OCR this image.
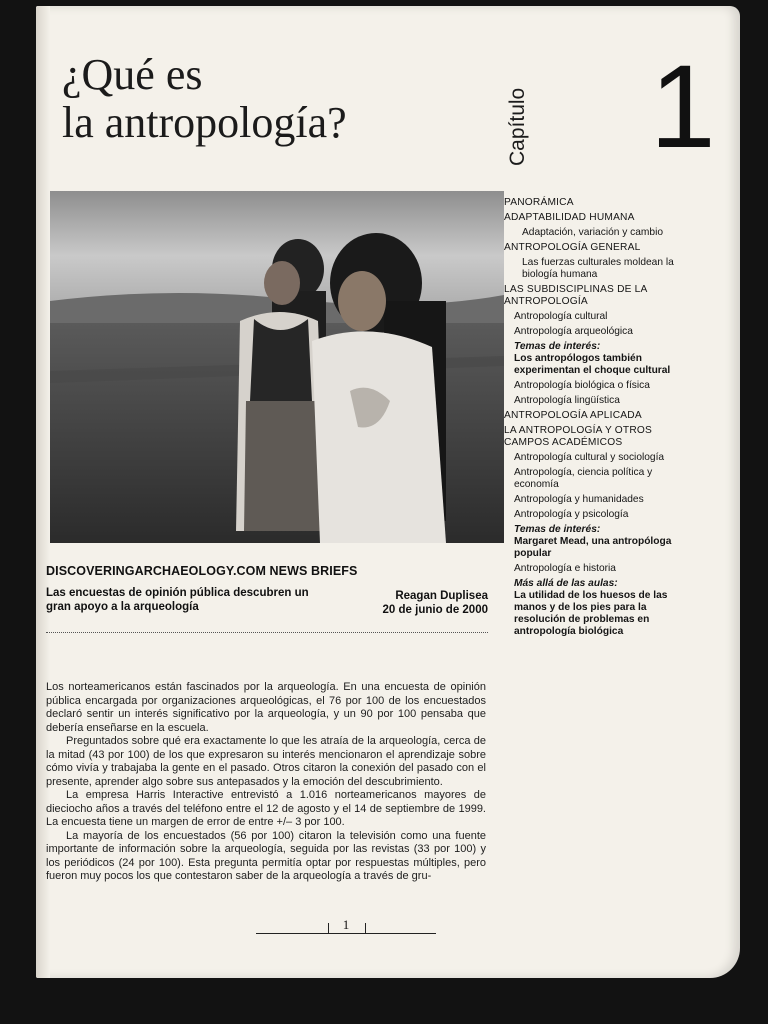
¿Qué es
la antropología?	Capítulo 1
DISCOVERINGARCHAEOLOGY.COM NEWS BRIEFS
Las encuestas de opinión pública descubren un gran apoyo a la arqueología
Reagan Duplisea
20 de junio de 2000

Los norteamericanos están fascinados por la arqueología. En una encuesta de opinión pública encargada por organizaciones arqueológicas, el 76 por 100 de los encuestados declaró sentir un interés significativo por la arqueología, y un 90 por 100 pensaba que debería enseñarse en la escuela.

Preguntados sobre qué era exactamente lo que les atraía de la arqueología, cerca de la mitad (43 por 100) de los que expresaron su interés mencionaron el aprendizaje sobre cómo vivía y trabajaba la gente en el pasado. Otros citaron la conexión del pasado con el presente, aprender algo sobre sus antepasados y la emoción del descubrimiento.

La empresa Harris Interactive entrevistó a 1.016 norteamericanos mayores de dieciocho años a través del teléfono entre el 12 de agosto y el 14 de septiembre de 1999. La encuesta tiene un margen de error de entre +/– 3 por 100.

La mayoría de los encuestados (56 por 100) citaron la televisión como una fuente importante de información sobre la arqueología, seguida por las revistas (33 por 100) y los periódicos (24 por 100). Esta pregunta permitía optar por respuestas múltiples, pero fueron muy pocos los que contestaron saber de la arqueología a través de gru-

PANORÁMICA
ADAPTABILIDAD HUMANA
Adaptación, variación y cambio
ANTROPOLOGÍA GENERAL
Las fuerzas culturales moldean la biología humana
LAS SUBDISCIPLINAS DE LA ANTROPOLOGÍA
Antropología cultural
Antropología arqueológica
Temas de interés:
Los antropólogos también experimentan el choque cultural
Antropología biológica o física
Antropología lingüística
ANTROPOLOGÍA APLICADA
LA ANTROPOLOGÍA Y OTROS CAMPOS ACADÉMICOS
Antropología cultural y sociología
Antropología, ciencia política y economía
Antropología y humanidades
Antropología y psicología
Temas de interés:
Margaret Mead, una antropóloga popular
Antropología e historia
Más allá de las aulas:
La utilidad de los huesos de las manos y de los pies para la resolución de problemas en antropología biológica
1
